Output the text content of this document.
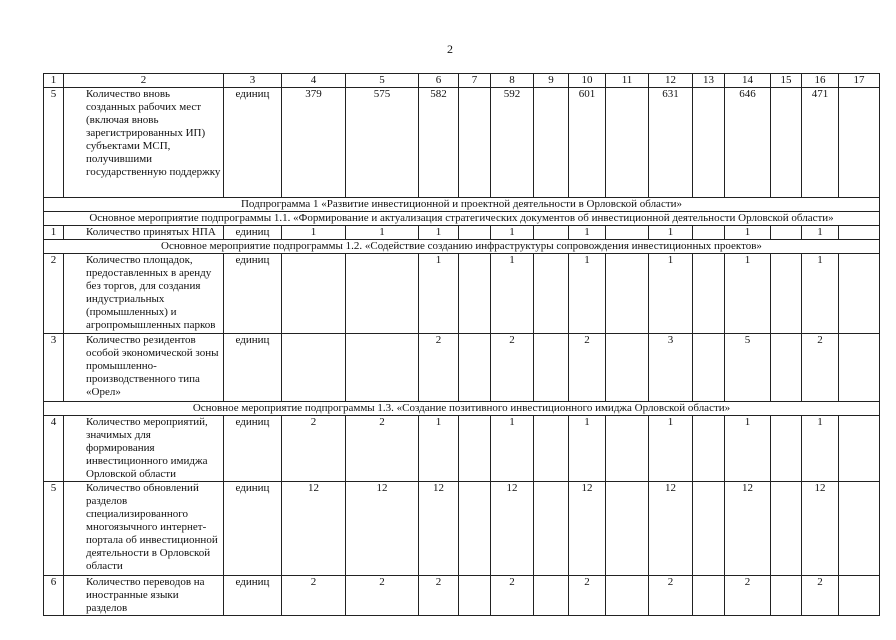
2
1	2	3	4	5	6	7	8	9	10	11	12	13	14	15	16	17
5	Количество вновь созданных рабочих мест (включая вновь зарегистрированных ИП) субъектами МСП, получившими государственную поддержку	единиц	379	575	582		592		601		631		646		471	
Подпрограмма 1 «Развитие инвестиционной и проектной деятельности в Орловской области»																
Основное мероприятие подпрограммы 1.1. «Формирование и актуализация стратегических документов об инвестиционной деятельности Орловской области»																
1	Количество принятых НПА	единиц	1	1	1		1		1		1		1		1	
Основное мероприятие подпрограммы 1.2. «Содействие созданию инфраструктуры сопровождения инвестиционных проектов»																
2	Количество площадок, предоставленных в аренду без торгов, для создания индустриальных (промышленных) и агропромышленных парков	единиц			1		1		1		1		1		1	
3	Количество резидентов особой экономической зоны промышленно-производственного типа «Орел»	единиц			2		2		2		3		5		2	
Основное мероприятие подпрограммы 1.3. «Создание позитивного инвестиционного имиджа Орловской области»																
4	Количество мероприятий, значимых для формирования инвестиционного имиджа Орловской области	единиц	2	2	1		1		1		1		1		1	
5	Количество обновлений разделов специализированного многоязычного интернет-портала об инвестиционной деятельности в Орловской области	единиц	12	12	12		12		12		12		12		12	
6	Количество переводов на иностранные языки разделов	единиц	2	2	2		2		2		2		2		2	
